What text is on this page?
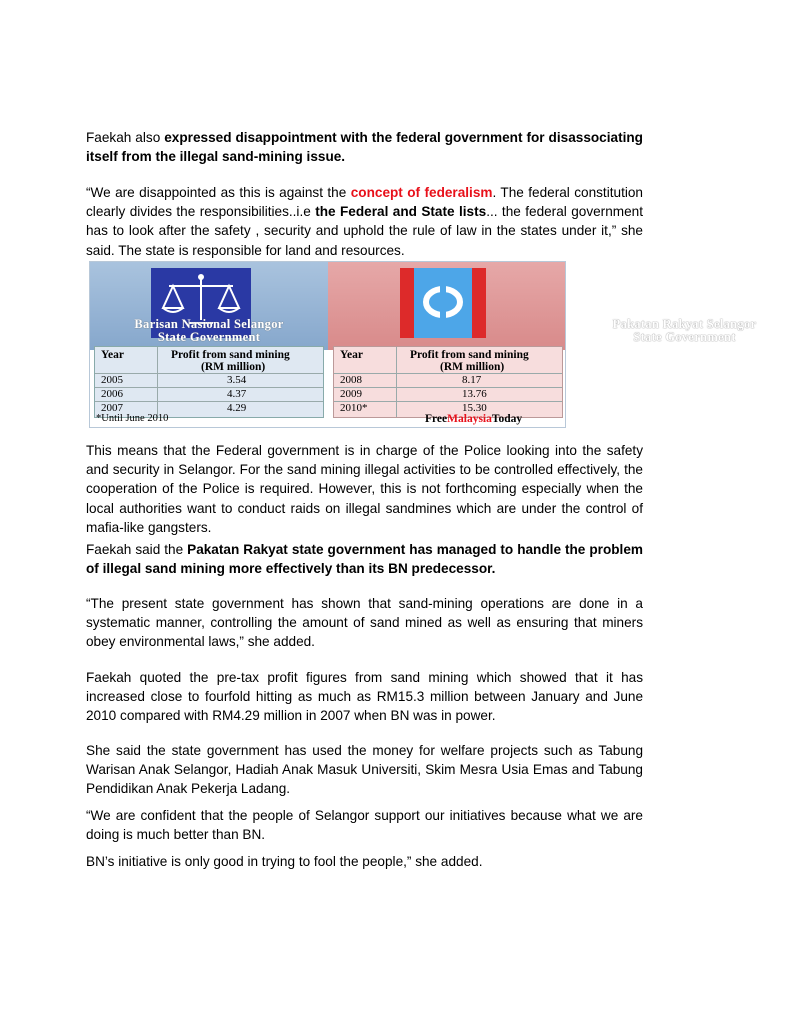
Faekah also expressed disappointment with the federal government for disassociating itself from the illegal sand-mining issue.

“We are disappointed as this is against the concept of federalism. The federal constitution clearly divides the responsibilities..i.e the Federal and State lists... the federal government has to look after the safety , security and uphold the rule of law in the states under it,” she said. The state is responsible for land and resources.

Barisan Nasional Selangor
State Government
Pakatan Rakyat Selangor
State Government
Year	Profit from sand mining
(RM million)
2005	3.54
2006	4.37
2007	4.29
Year	Profit from sand mining
(RM million)
2008	8.17
2009	13.76
2010*	15.30
*Until June 2010	FreeMalaysiaToday

This means that the Federal government is in charge of the Police looking into the safety and security in Selangor. For the sand mining illegal activities to be controlled effectively, the cooperation of the Police is required. However, this is not forthcoming especially when the local authorities want to conduct raids on illegal sandmines which are under the control of mafia-like gangsters.

Faekah said the Pakatan Rakyat state government has managed to handle the problem of illegal sand mining more effectively than its BN predecessor.

“The present state government has shown that sand-mining operations are done in a systematic manner, controlling the amount of sand mined as well as ensuring that miners obey environmental laws,” she added.

Faekah quoted the pre-tax profit figures from sand mining which showed that it has increased close to fourfold hitting as much as RM15.3 million between January and June 2010 compared with RM4.29 million in 2007 when BN was in power.

She said the state government has used the money for welfare projects such as Tabung Warisan Anak Selangor, Hadiah Anak Masuk Universiti, Skim Mesra Usia Emas and Tabung Pendidikan Anak Pekerja Ladang.

“We are confident that the people of Selangor support our initiatives because what we are doing is much better than BN.

BN’s initiative is only good in trying to fool the people,” she added.
